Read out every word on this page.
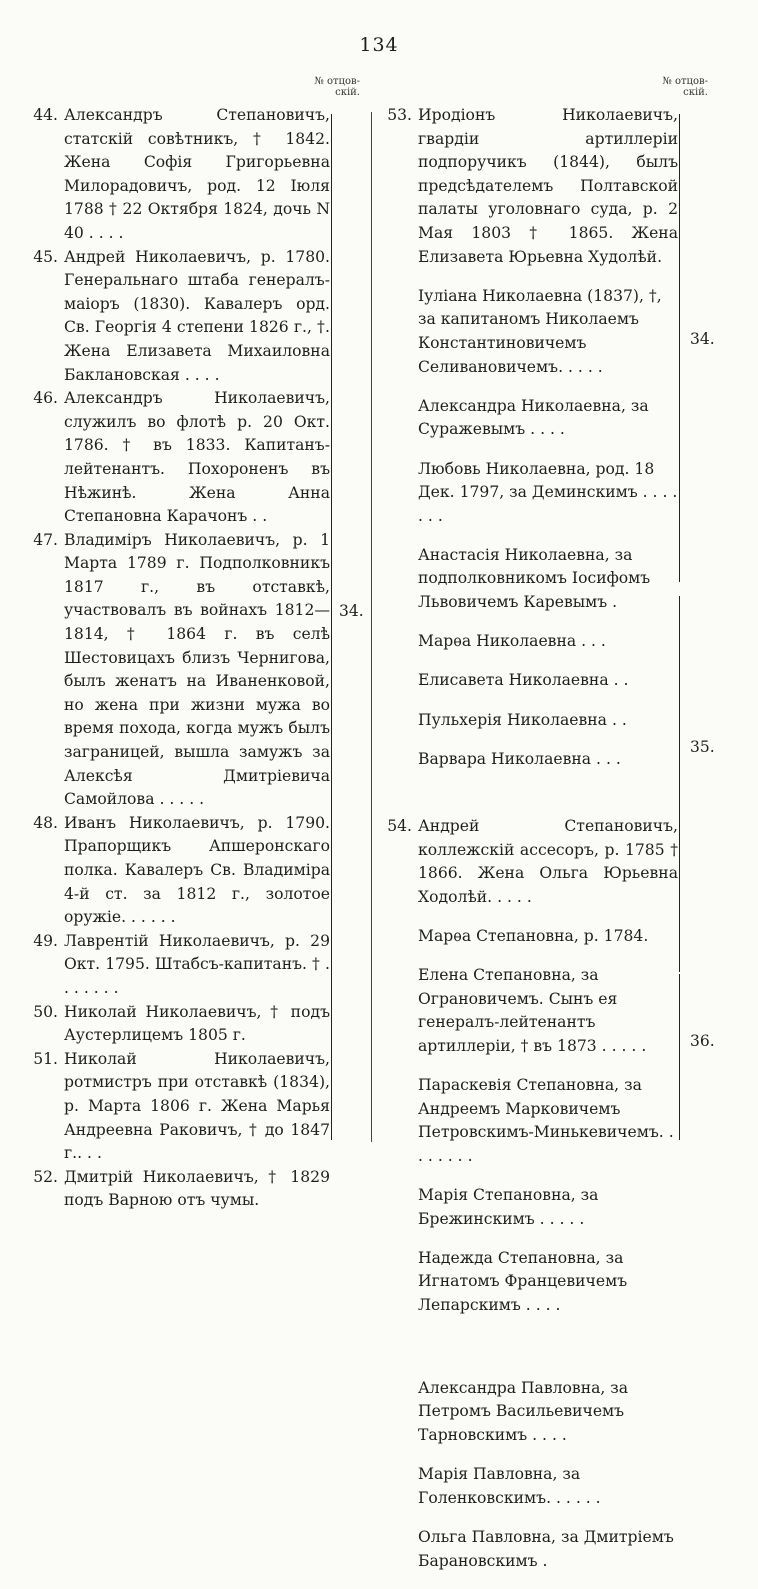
134
№ отцов-скій.
№ отцов-скій.
44. Александръ Степановичъ, статскій совѣтникъ, † 1842. Жена Софія Григорьевна Милорадовичъ, род. 12 Іюля 1788 † 22 Октября 1824, дочь N 40 . . . .

45. Андрей Николаевичъ, р. 1780. Генеральнаго штаба генералъ-маіоръ (1830). Кавалеръ орд. Св. Георгія 4 степени 1826 г., †. Жена Елизавета Михаиловна Баклановская . . . .

46. Александръ Николаевичъ, служилъ во флотѣ р. 20 Окт. 1786. † въ 1833. Капитанъ-лейтенантъ. Похороненъ въ Нѣжинѣ. Жена Анна Степановна Карачонъ . .

47. Владиміръ Николаевичъ, р. 1 Марта 1789 г. Подполковникъ 1817 г., въ отставкѣ, участвовалъ въ войнахъ 1812—1814, † 1864 г. въ селѣ Шестовицахъ близъ Чернигова, былъ женатъ на Иваненковой, но жена при жизни мужа во время похода, когда мужъ былъ заграницей, вышла замужъ за Алексѣя Дмитріевича Самойлова . . . . .

48. Иванъ Николаевичъ, р. 1790. Прапорщикъ Апшеронскаго полка. Кавалеръ Св. Владиміра 4-й ст. за 1812 г., золотое оружіе. . . . . .

49. Лаврентій Николаевичъ, р. 29 Окт. 1795. Штабсъ-капитанъ. † . . . . . . .

50. Николай Николаевичъ, † подъ Аустерлицемъ 1805 г.

51. Николай Николаевичъ, ротмистръ при отставкѣ (1834), р. Марта 1806 г. Жена Марья Андреевна Раковичъ, † до 1847 г.. . .

52. Дмитрій Николаевичъ, † 1829 подъ Варною отъ чумы.

34.
53. Иродіонъ Николаевичъ, гвардіи артиллеріи подпоручикъ (1844), былъ предсѣдателемъ Полтавской палаты уголовнаго суда, р. 2 Мая 1803 † 1865. Жена Елизавета Юрьевна Худолѣй.

Іуліана Николаевна (1837), †, за капитаномъ Николаемъ Константиновичемъ Селивановичемъ. . . . .

Александра Николаевна, за Суражевымъ . . . .

Любовь Николаевна, род. 18 Дек. 1797, за Деминскимъ . . . . . . .

Анастасія Николаевна, за подполковникомъ Іосифомъ Львовичемъ Каревымъ .

Марѳа Николаевна . . .

Елисавета Николаевна . .

Пульхерія Николаевна . .

Варвара Николаевна . . .

54. Андрей Степановичъ, коллежскій ассесоръ, р. 1785 † 1866. Жена Ольга Юрьевна Ходолѣй. . . . .

Марѳа Степановна, р. 1784.

Елена Степановна, за Ограновичемъ. Сынъ ея генералъ-лейтенантъ артиллеріи, † въ 1873 . . . . .

Параскевія Степановна, за Андреемъ Марковичемъ Петровскимъ-Минькевичемъ. . . . . . . .

Марія Степановна, за Брежинскимъ . . . . .

Надежда Степановна, за Игнатомъ Францевичемъ Лепарскимъ . . . .

Александра Павловна, за Петромъ Васильевичемъ Тарновскимъ . . . .

Марія Павловна, за Голенковскимъ. . . . . .

Ольга Павловна, за Дмитріемъ Барановскимъ .

34.
35.
36.
